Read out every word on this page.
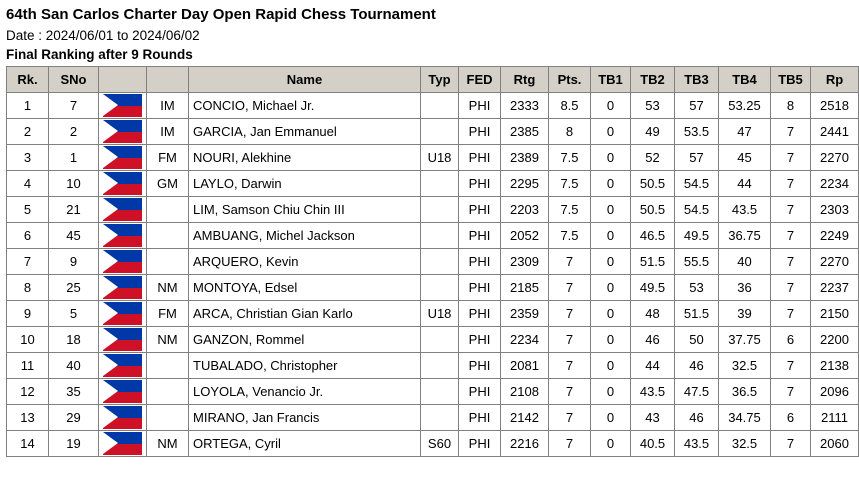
64th San Carlos Charter Day Open Rapid Chess Tournament
Date : 2024/06/01 to 2024/06/02
Final Ranking after 9 Rounds
Rk.	SNo			Name	Typ	FED	Rtg	Pts.	TB1	TB2	TB3	TB4	TB5	Rp
1	7		IM	CONCIO, Michael Jr.		PHI	2333	8.5	0	53	57	53.25	8	2518
2	2		IM	GARCIA, Jan Emmanuel		PHI	2385	8	0	49	53.5	47	7	2441
3	1		FM	NOURI, Alekhine	U18	PHI	2389	7.5	0	52	57	45	7	2270
4	10		GM	LAYLO, Darwin		PHI	2295	7.5	0	50.5	54.5	44	7	2234
5	21			LIM, Samson Chiu Chin III		PHI	2203	7.5	0	50.5	54.5	43.5	7	2303
6	45			AMBUANG, Michel Jackson		PHI	2052	7.5	0	46.5	49.5	36.75	7	2249
7	9			ARQUERO, Kevin		PHI	2309	7	0	51.5	55.5	40	7	2270
8	25		NM	MONTOYA, Edsel		PHI	2185	7	0	49.5	53	36	7	2237
9	5		FM	ARCA, Christian Gian Karlo	U18	PHI	2359	7	0	48	51.5	39	7	2150
10	18		NM	GANZON, Rommel		PHI	2234	7	0	46	50	37.75	6	2200
11	40			TUBALADO, Christopher		PHI	2081	7	0	44	46	32.5	7	2138
12	35			LOYOLA, Venancio Jr.		PHI	2108	7	0	43.5	47.5	36.5	7	2096
13	29			MIRANO, Jan Francis		PHI	2142	7	0	43	46	34.75	6	2111
14	19		NM	ORTEGA, Cyril	S60	PHI	2216	7	0	40.5	43.5	32.5	7	2060
